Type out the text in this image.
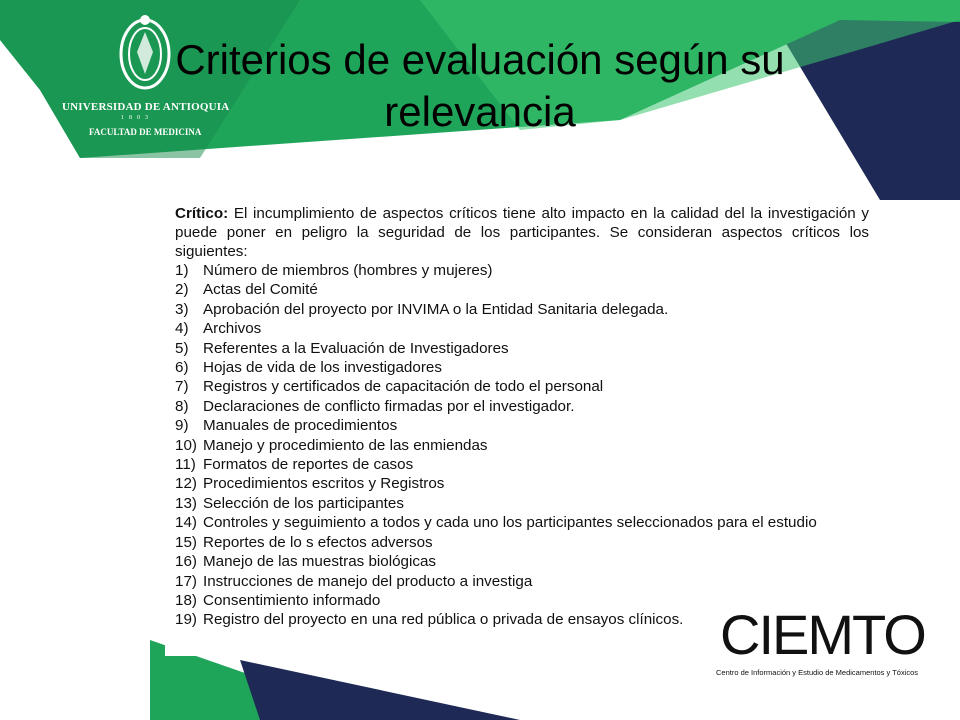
UNIVERSIDAD DE ANTIOQUIA
1803
FACULTAD DE MEDICINA
Criterios de evaluación según su relevancia
Crítico: El incumplimiento de aspectos críticos tiene alto impacto en la calidad del la investigación y puede poner en peligro la seguridad de los participantes. Se consideran aspectos críticos los siguientes:
1) Número de miembros (hombres y mujeres)
2) Actas del Comité
3) Aprobación del proyecto por INVIMA o la Entidad Sanitaria delegada.
4) Archivos
5) Referentes a la Evaluación de Investigadores
6) Hojas de vida de los investigadores
7) Registros y certificados de capacitación de todo el personal
8) Declaraciones de conflicto firmadas por el investigador.
9) Manuales de procedimientos
10) Manejo y procedimiento de las enmiendas
11) Formatos de reportes de casos
12) Procedimientos escritos y Registros
13) Selección de los participantes
14) Controles y seguimiento a todos y cada uno los participantes seleccionados para el estudio
15) Reportes de lo s efectos adversos
16) Manejo de las muestras biológicas
17) Instrucciones de manejo del producto a investiga
18) Consentimiento informado
19) Registro del proyecto en una red pública o privada de ensayos clínicos. CIEMTO
Centro de Información y Estudio de Medicamentos y Tóxicos
